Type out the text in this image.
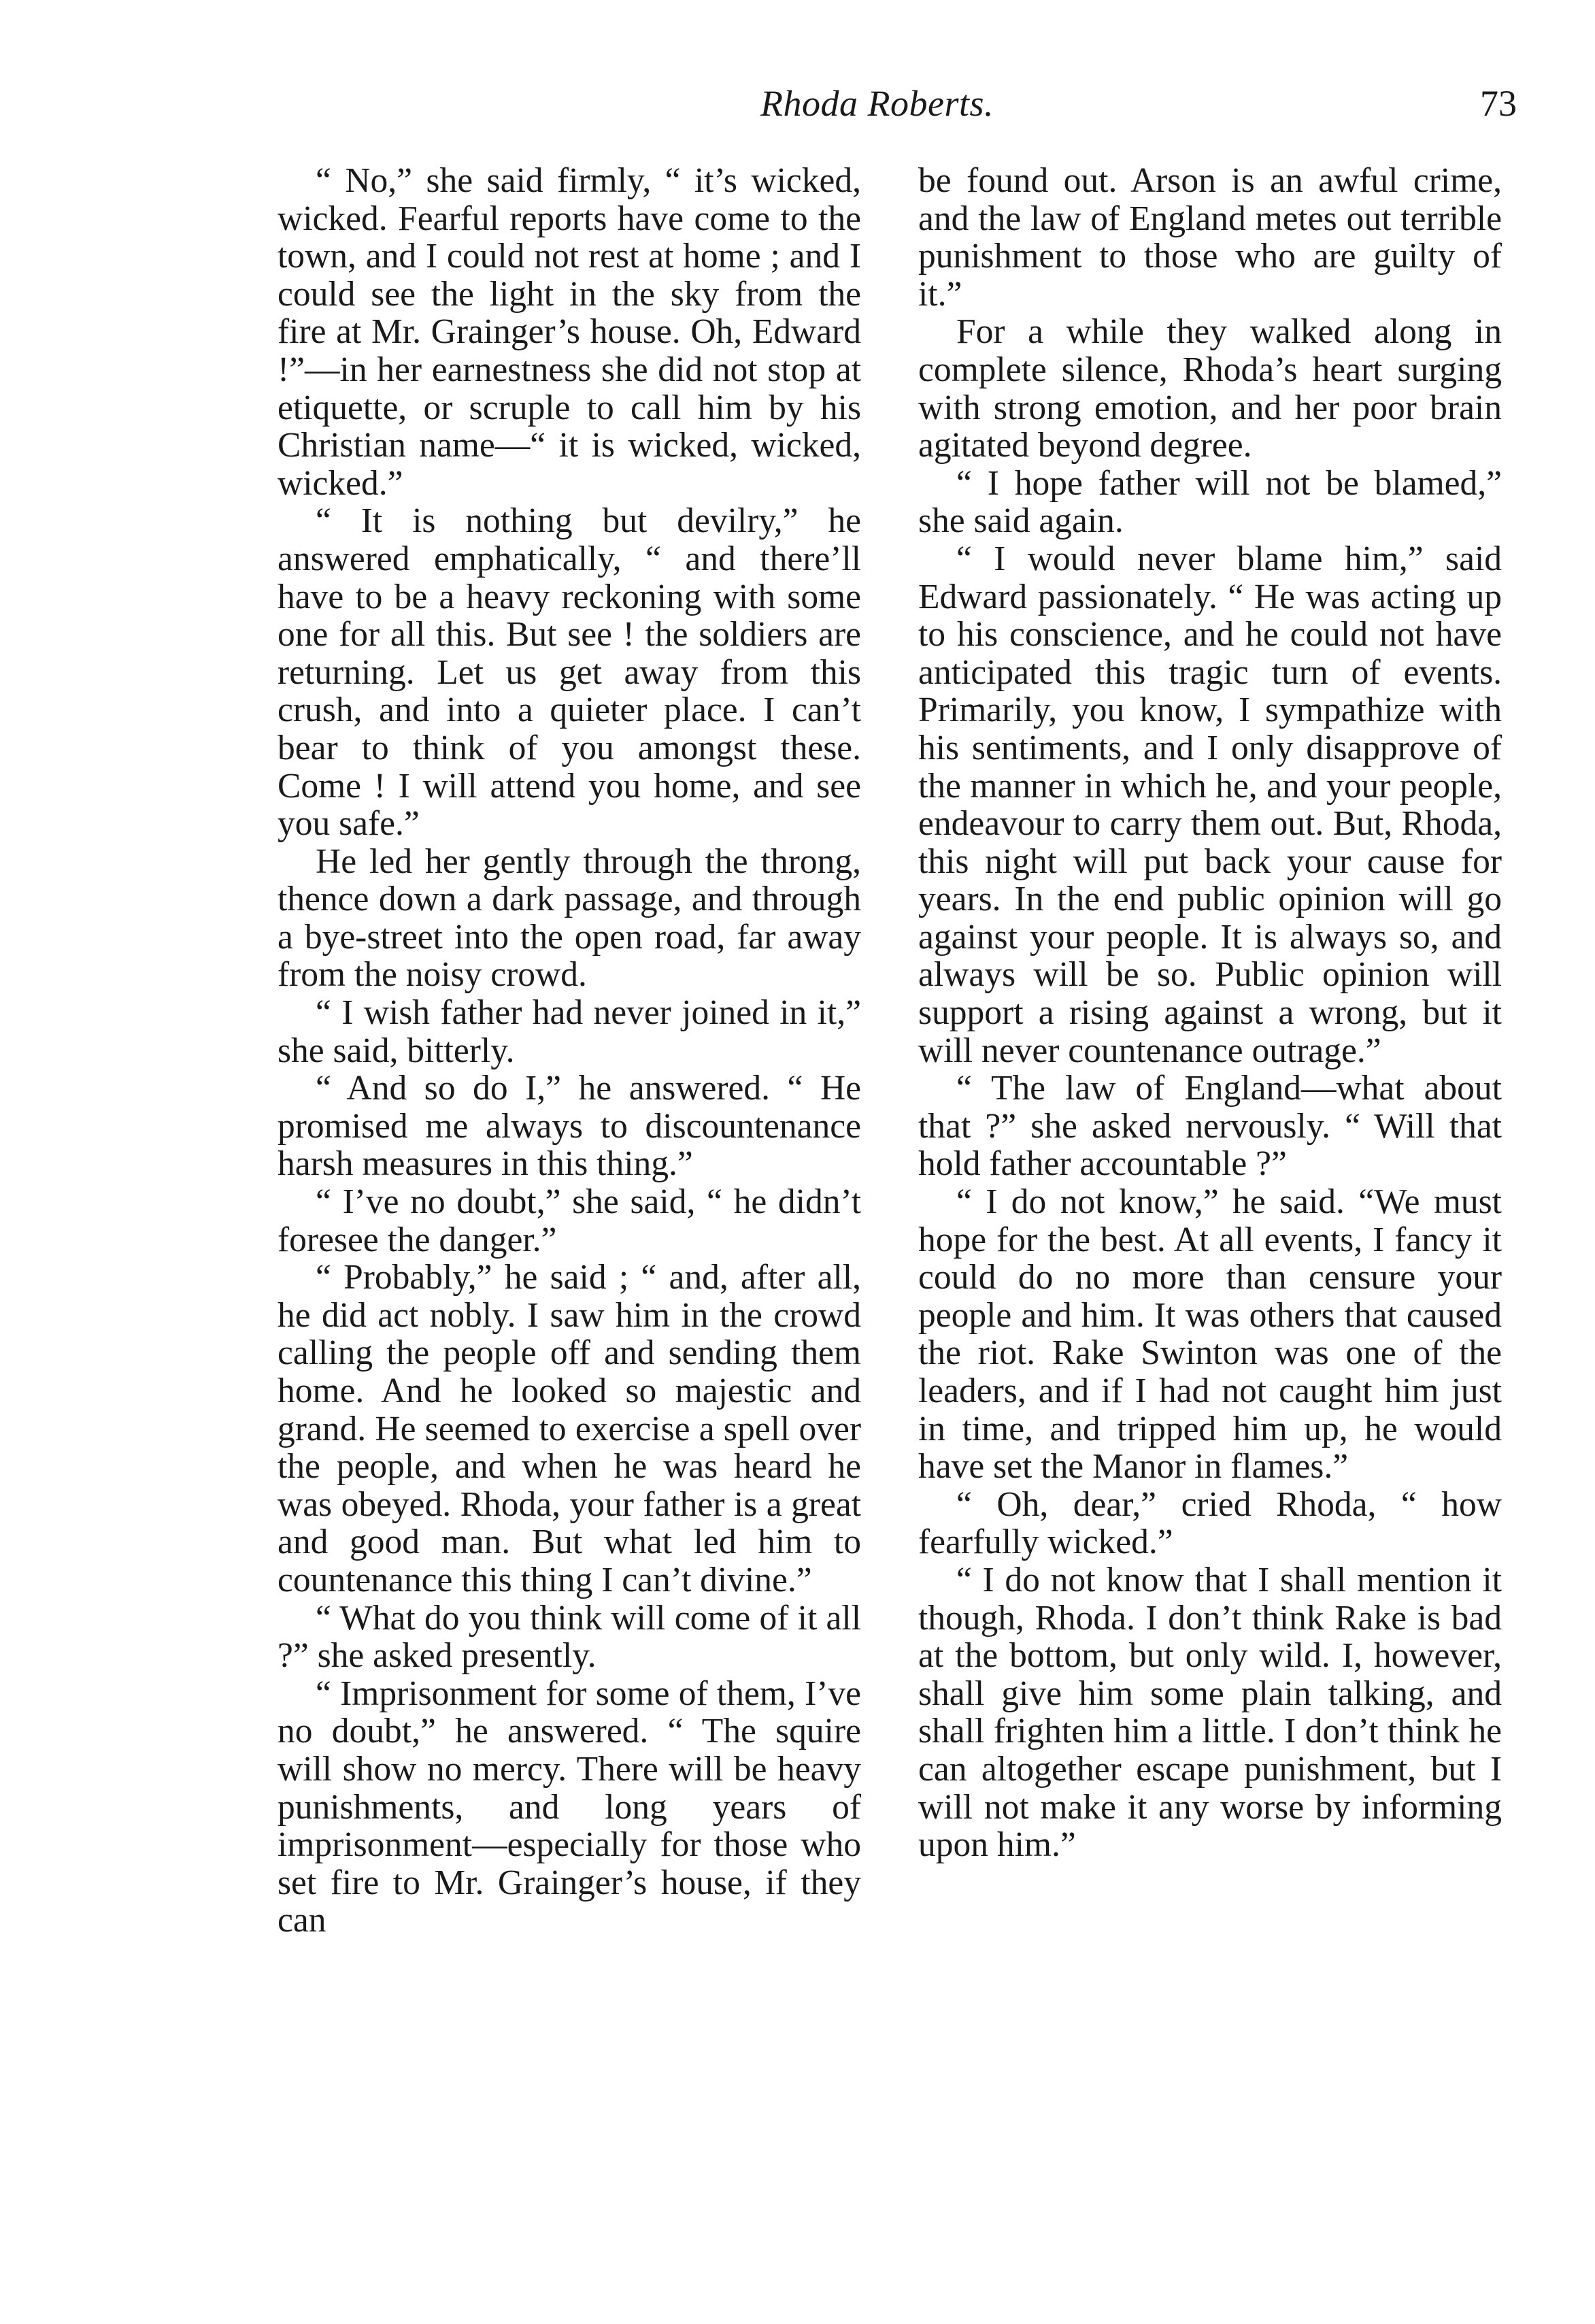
Rhoda Roberts.	73

“ No,” she said firmly, “ it’s wicked, wicked. Fearful reports have come to the town, and I could not rest at home ; and I could see the light in the sky from the fire at Mr. Grainger’s house. Oh, Edward !”—in her earnestness she did not stop at etiquette, or scruple to call him by his Christian name—“ it is wicked, wicked, wicked.”

“ It is nothing but devilry,” he answered emphatically, “ and there’ll have to be a heavy reckoning with some one for all this. But see ! the soldiers are returning. Let us get away from this crush, and into a quieter place. I can’t bear to think of you amongst these. Come ! I will attend you home, and see you safe.”

He led her gently through the throng, thence down a dark passage, and through a bye-street into the open road, far away from the noisy crowd.

“ I wish father had never joined in it,” she said, bitterly.

“ And so do I,” he answered. “ He promised me always to discountenance harsh measures in this thing.”

“ I’ve no doubt,” she said, “ he didn’t foresee the danger.”

“ Probably,” he said ; “ and, after all, he did act nobly. I saw him in the crowd calling the people off and sending them home. And he looked so majestic and grand. He seemed to exercise a spell over the people, and when he was heard he was obeyed. Rhoda, your father is a great and good man. But what led him to countenance this thing I can’t divine.”

“ What do you think will come of it all ?” she asked presently.

“ Imprisonment for some of them, I’ve no doubt,” he answered. “ The squire will show no mercy. There will be heavy punishments, and long years of imprisonment—especially for those who set fire to Mr. Grainger’s house, if they can

be found out. Arson is an awful crime, and the law of England metes out terrible punishment to those who are guilty of it.”

For a while they walked along in complete silence, Rhoda’s heart surging with strong emotion, and her poor brain agitated beyond degree.

“ I hope father will not be blamed,” she said again.

“ I would never blame him,” said Edward passionately. “ He was acting up to his conscience, and he could not have anticipated this tragic turn of events. Primarily, you know, I sympathize with his sentiments, and I only disapprove of the manner in which he, and your people, endeavour to carry them out. But, Rhoda, this night will put back your cause for years. In the end public opinion will go against your people. It is always so, and always will be so. Public opinion will support a rising against a wrong, but it will never countenance outrage.”

“ The law of England—what about that ?” she asked nervously. “ Will that hold father accountable ?”

“ I do not know,” he said. “We must hope for the best. At all events, I fancy it could do no more than censure your people and him. It was others that caused the riot. Rake Swinton was one of the leaders, and if I had not caught him just in time, and tripped him up, he would have set the Manor in flames.”

“ Oh, dear,” cried Rhoda, “ how fearfully wicked.”

“ I do not know that I shall mention it though, Rhoda. I don’t think Rake is bad at the bottom, but only wild. I, however, shall give him some plain talking, and shall frighten him a little. I don’t think he can altogether escape punishment, but I will not make it any worse by informing upon him.”
